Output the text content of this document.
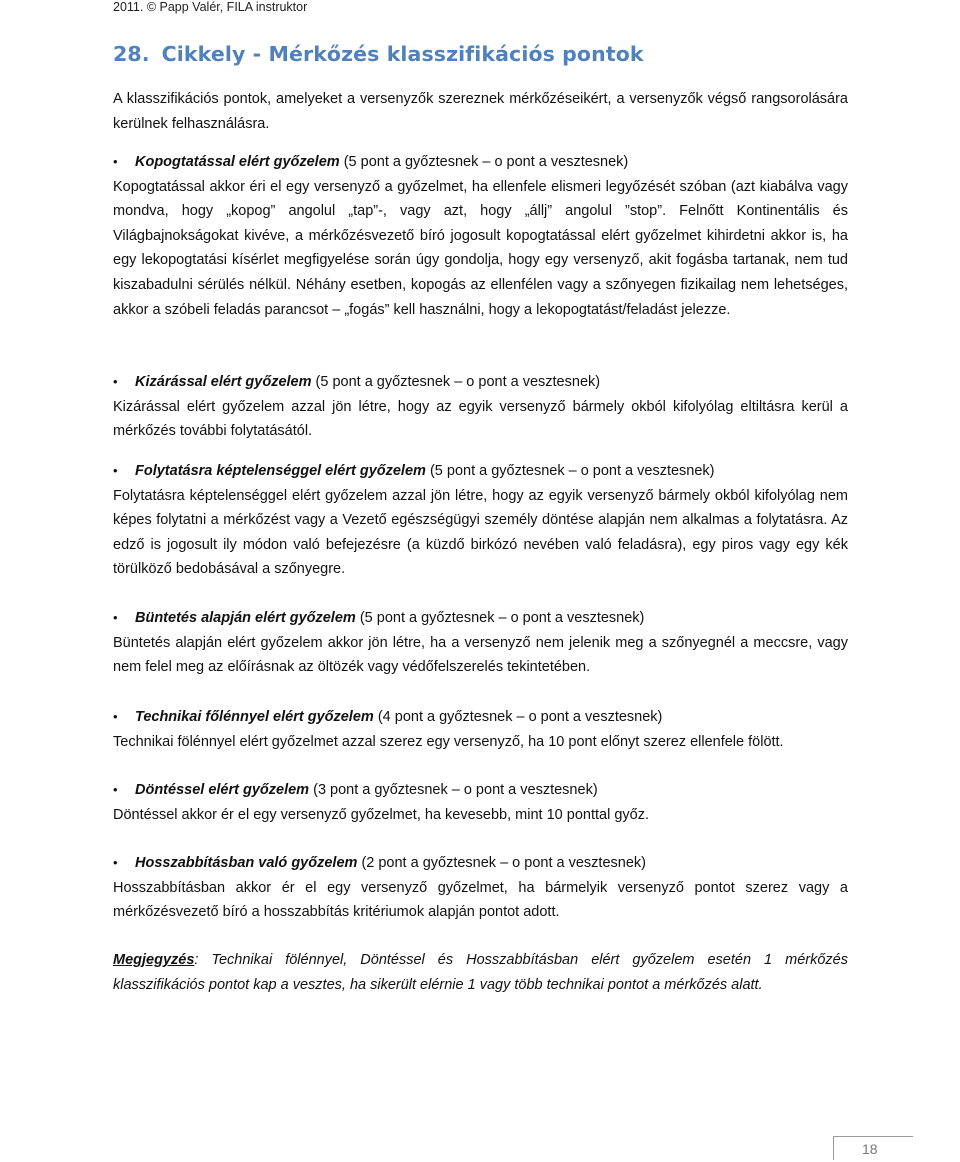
2011. © Papp Valér, FILA instruktor
28. Cikkely - Mérkőzés klasszifikációs pontok

A klasszifikációs pontok, amelyeket a versenyzők szereznek mérkőzéseikért, a versenyzők végső rangsorolására kerülnek felhasználásra.

• Kopogtatással elért győzelem (5 pont a győztesnek – o pont a vesztesnek)

Kopogtatással akkor éri el egy versenyző a győzelmet, ha ellenfele elismeri legyőzését szóban (azt kiabálva vagy mondva, hogy „kopog” angolul „tap”-, vagy azt, hogy „állj” angolul ”stop”. Felnőtt Kontinentális és Világbajnokságokat kivéve, a mérkőzésvezető bíró jogosult kopogtatással elért győzelmet kihirdetni akkor is, ha egy lekopogtatási kísérlet megfigyelése során úgy gondolja, hogy egy versenyző, akit fogásba tartanak, nem tud kiszabadulni sérülés nélkül. Néhány esetben, kopogás az ellenfélen vagy a szőnyegen fizikailag nem lehetséges, akkor a szóbeli feladás parancsot – „fogás” kell használni, hogy a lekopogtatást/feladást jelezze.

• Kizárással elért győzelem (5 pont a győztesnek – o pont a vesztesnek)

Kizárással elért győzelem azzal jön létre, hogy az egyik versenyző bármely okból kifolyólag eltiltásra kerül a mérkőzés további folytatásától.

• Folytatásra képtelenséggel elért győzelem (5 pont a győztesnek – o pont a vesztesnek)

Folytatásra képtelenséggel elért győzelem azzal jön létre, hogy az egyik versenyző bármely okból kifolyólag nem képes folytatni a mérkőzést vagy a Vezető egészségügyi személy döntése alapján nem alkalmas a folytatásra. Az edző is jogosult ily módon való befejezésre (a küzdő birkózó nevében való feladásra), egy piros vagy egy kék törülköző bedobásával a szőnyegre.

• Büntetés alapján elért győzelem (5 pont a győztesnek – o pont a vesztesnek)

Büntetés alapján elért győzelem akkor jön létre, ha a versenyző nem jelenik meg a szőnyegnél a meccsre, vagy nem felel meg az előírásnak az öltözék vagy védőfelszerelés tekintetében.

• Technikai főlénnyel elért győzelem (4 pont a győztesnek – o pont a vesztesnek)

Technikai fölénnyel elért győzelmet azzal szerez egy versenyző, ha 10 pont előnyt szerez ellenfele fölött.

• Döntéssel elért győzelem (3 pont a győztesnek – o pont a vesztesnek)

Döntéssel akkor ér el egy versenyző győzelmet, ha kevesebb, mint 10 ponttal győz.

• Hosszabbításban való győzelem (2 pont a győztesnek – o pont a vesztesnek)

Hosszabbításban akkor ér el egy versenyző győzelmet, ha bármelyik versenyző pontot szerez vagy a mérkőzésvezető bíró a hosszabbítás kritériumok alapján pontot adott.

Megjegyzés: Technikai fölénnyel, Döntéssel és Hosszabbításban elért győzelem esetén 1 mérkőzés klasszifikációs pontot kap a vesztes, ha sikerült elérnie 1 vagy több technikai pontot a mérkőzés alatt.

18
